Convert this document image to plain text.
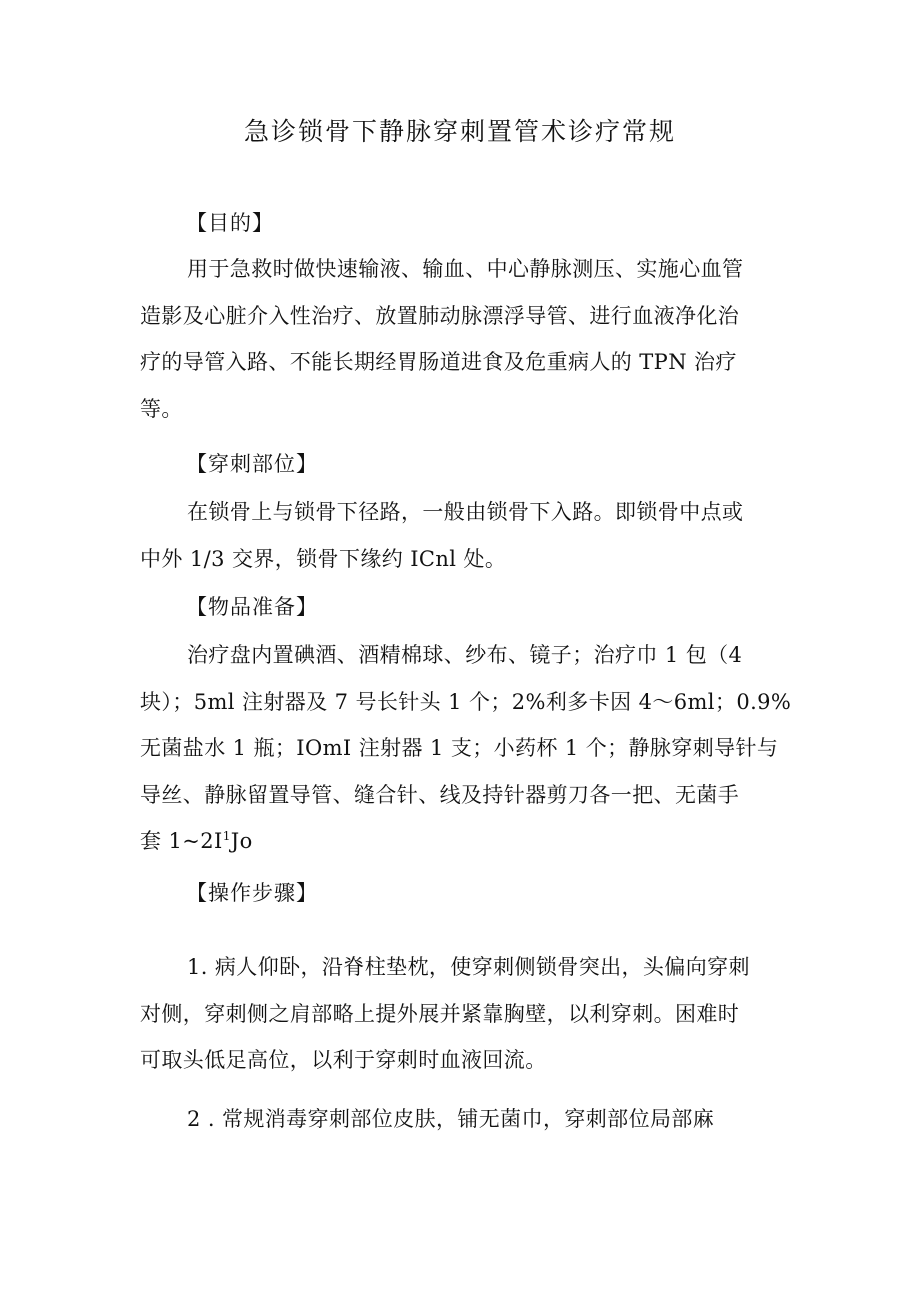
急诊锁骨下静脉穿刺置管术诊疗常规
【目的】
用于急救时做快速输液、输血、中心静脉测压、实施心血管
造影及心脏介入性治疗、放置肺动脉漂浮导管、进行血液净化治
疗的导管入路、不能长期经胃肠道进食及危重病人的 TPN 治疗
等。
【穿刺部位】
在锁骨上与锁骨下径路，一般由锁骨下入路。即锁骨中点或
中外 1/3 交界，锁骨下缘约 ICnl 处。
【物品准备】
治疗盘内置碘酒、酒精棉球、纱布、镜子；治疗巾 1 包（4
块）；5ml 注射器及 7 号长针头 1 个；2%利多卡因 4～6ml；0.9%
无菌盐水 1 瓶；IOmI 注射器 1 支；小药杯 1 个；静脉穿刺导针与
导丝、静脉留置导管、缝合针、线及持针器剪刀各一把、无菌手
套 $1\sim 2I^1Jo$
【操作步骤】
1. 病人仰卧，沿脊柱垫枕，使穿刺侧锁骨突出，头偏向穿刺
对侧，穿刺侧之肩部略上提外展并紧靠胸壁，以利穿刺。困难时
可取头低足高位，以利于穿刺时血液回流。
2 . 常规消毒穿刺部位皮肤，铺无菌巾，穿刺部位局部麻
